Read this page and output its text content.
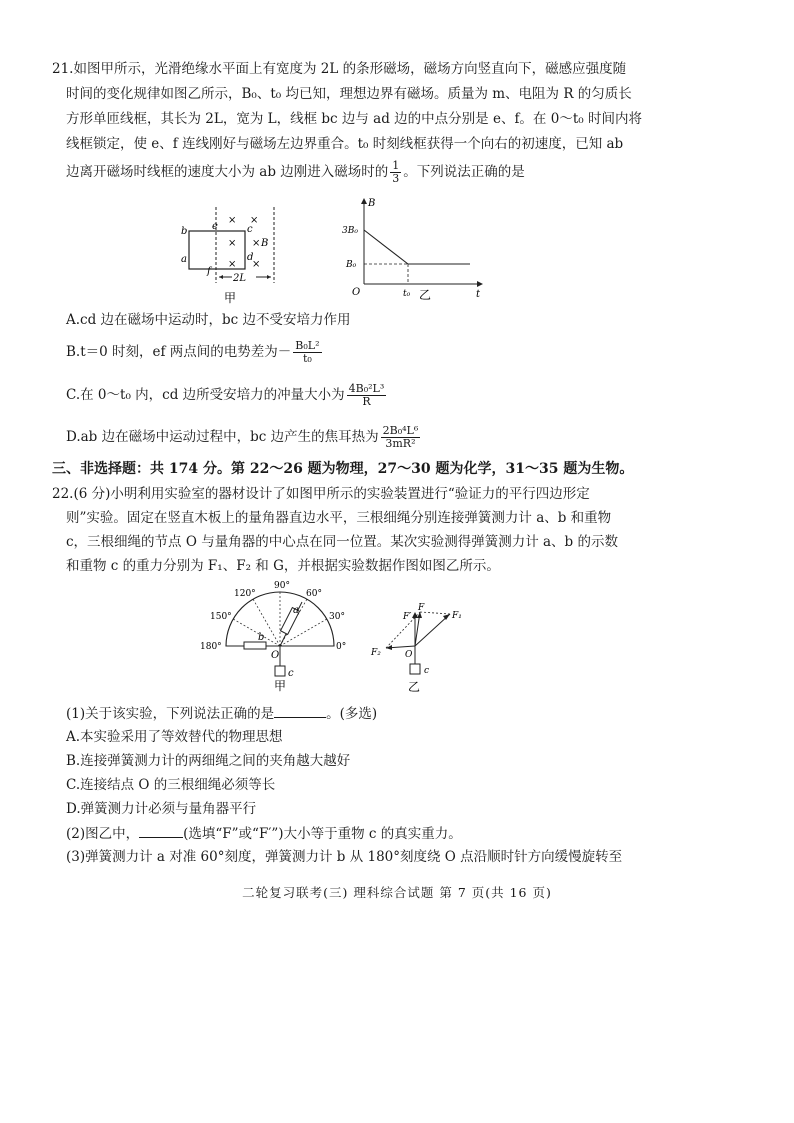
21.如图甲所示，光滑绝缘水平面上有宽度为 2L 的条形磁场，磁场方向竖直向下，磁感应强度随
时间的变化规律如图乙所示，B₀、t₀ 均已知，理想边界有磁场。质量为 m、电阻为 R 的匀质长
方形单匝线框，其长为 2L，宽为 L，线框 bc 边与 ad 边的中点分别是 e、f。在 0～t₀ 时间内将
线框锁定，使 e、f 连线刚好与磁场左边界重合。t₀ 时刻线框获得一个向右的初速度，已知 ab
边离开磁场时线框的速度大小为 ab 边刚进入磁场时的 $\frac{1}{3}$ 。下列说法正确的是
× ×
× ×
× ×
e	c
b
a
f
d
B
2L
甲
B
t
O
3B₀
B₀
t₀ 乙
A.cd 边在磁场中运动时，bc 边不受安培力作用
B.t＝0 时刻，ef 两点间的电势差为－ $\frac{\text{B₀L²}}{\text{t₀}}$
C.在 0～t₀ 内，cd 边所受安培力的冲量大小为 $\frac{\text{4B₀²L³}}{R}$
D.ab 边在磁场中运动过程中，bc 边产生的焦耳热为 $\frac{\text{2B₀⁴L⁶}}{\text{3mR²}}$
三、非选择题：共 174 分。第 22～26 题为物理，27～30 题为化学，31～35 题为生物。
22.(6 分)小明利用实验室的器材设计了如图甲所示的实验装置进行“验证力的平行四边形定
则”实验。固定在竖直木板上的量角器直边水平，三根细绳分别连接弹簧测力计 a、b 和重物
c，三根细绳的节点 O 与量角器的中心点在同一位置。某次实验测得弹簧测力计 a、b 的示数
和重物 c 的重力分别为 F₁、F₂ 和 G，并根据实验数据作图如图乙所示。
90°
120°	60°
150°	30°
180°	0°
a
b
O
c
甲
F′
F
F₁
F₂	O
c
乙
(1)关于该实验，下列说法正确的是	。(多选)
A.本实验采用了等效替代的物理思想
B.连接弹簧测力计的两细绳之间的夹角越大越好
C.连接结点 O 的三根细绳必须等长
D.弹簧测力计必须与量角器平行
(2)图乙中，	(选填“F”或“F′”)大小等于重物 c 的真实重力。
(3)弹簧测力计 a 对准 60°刻度，弹簧测力计 b 从 180°刻度绕 O 点沿顺时针方向缓慢旋转至
二轮复习联考(三) 理科综合试题 第 7 页(共 16 页)
